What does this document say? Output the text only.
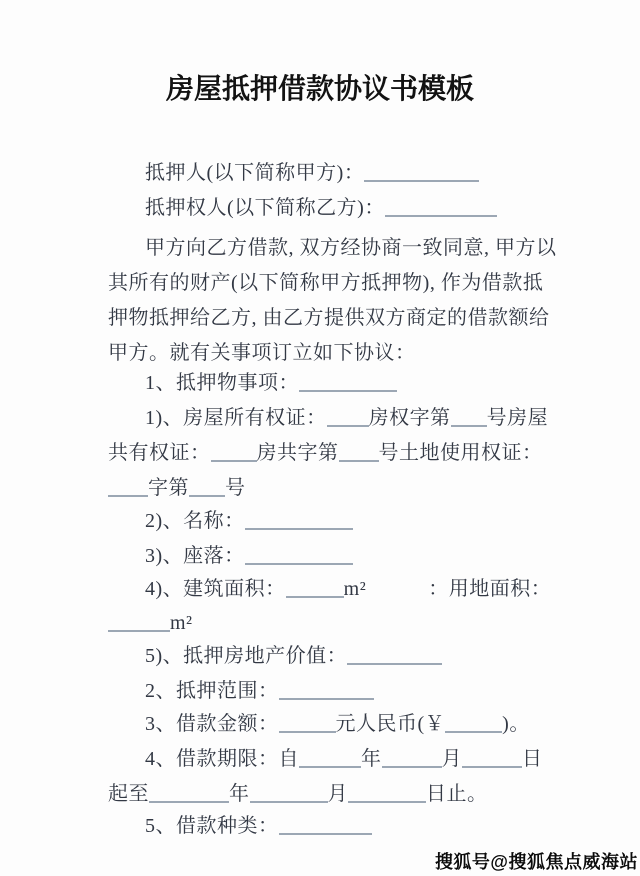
房屋抵押借款协议书模板
抵押人(以下简称甲方)：
抵押权人(以下简称乙方)：
甲方向乙方借款, 双方经协商一致同意, 甲方以
其所有的财产(以下简称甲方抵押物), 作为借款抵
押物抵押给乙方, 由乙方提供双方商定的借款额给
甲方。就有关事项订立如下协议：
1、抵押物事项：
1)、房屋所有权证： 房权字第 号房屋
共有权证： 房共字第 号土地使用权证：
字第 号
2)、名称：
3)、座落：
4)、建筑面积：	m²	：用地面积：
m²
5)、抵押房地产价值：
2、抵押范围：
3、借款金额：	元人民币(￥	)。
4、借款期限：自	年	月	日
起至	年	月	日止。
5、借款种类：
搜狐号@搜狐焦点威海站
